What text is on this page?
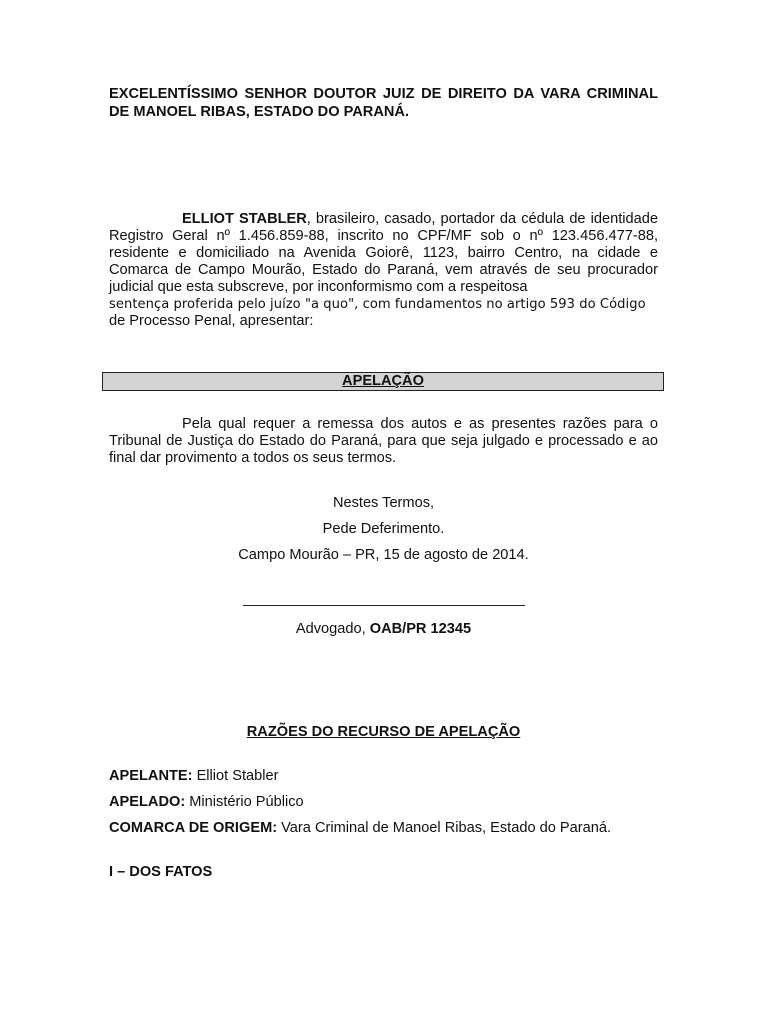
EXCELENTÍSSIMO SENHOR DOUTOR JUIZ DE DIREITO DA VARA CRIMINAL DE MANOEL RIBAS, ESTADO DO PARANÁ.
ELLIOT STABLER, brasileiro, casado, portador da cédula de identidade Registro Geral nº 1.456.859-88, inscrito no CPF/MF sob o nº 123.456.477-88, residente e domiciliado na Avenida Goiorê, 1123, bairro Centro, na cidade e Comarca de Campo Mourão, Estado do Paraná, vem através de seu procurador judicial que esta subscreve, por inconformismo com a respeitosa
sentença proferida pelo juízo "a quo", com fundamentos no artigo 593 do Código
de Processo Penal, apresentar:
Pela qual requer a remessa dos autos e as presentes razões para o Tribunal de Justiça do Estado do Paraná, para que seja julgado e processado e ao final dar provimento a todos os seus termos.
Nestes Termos,
Pede Deferimento.
Campo Mourão – PR, 15 de agosto de 2014.
Advogado, OAB/PR 12345
RAZÕES DO RECURSO DE APELAÇÃO
APELANTE: Elliot Stabler
APELADO: Ministério Público
COMARCA DE ORIGEM: Vara Criminal de Manoel Ribas, Estado do Paraná.
I – DOS FATOS
APELAÇÃO
